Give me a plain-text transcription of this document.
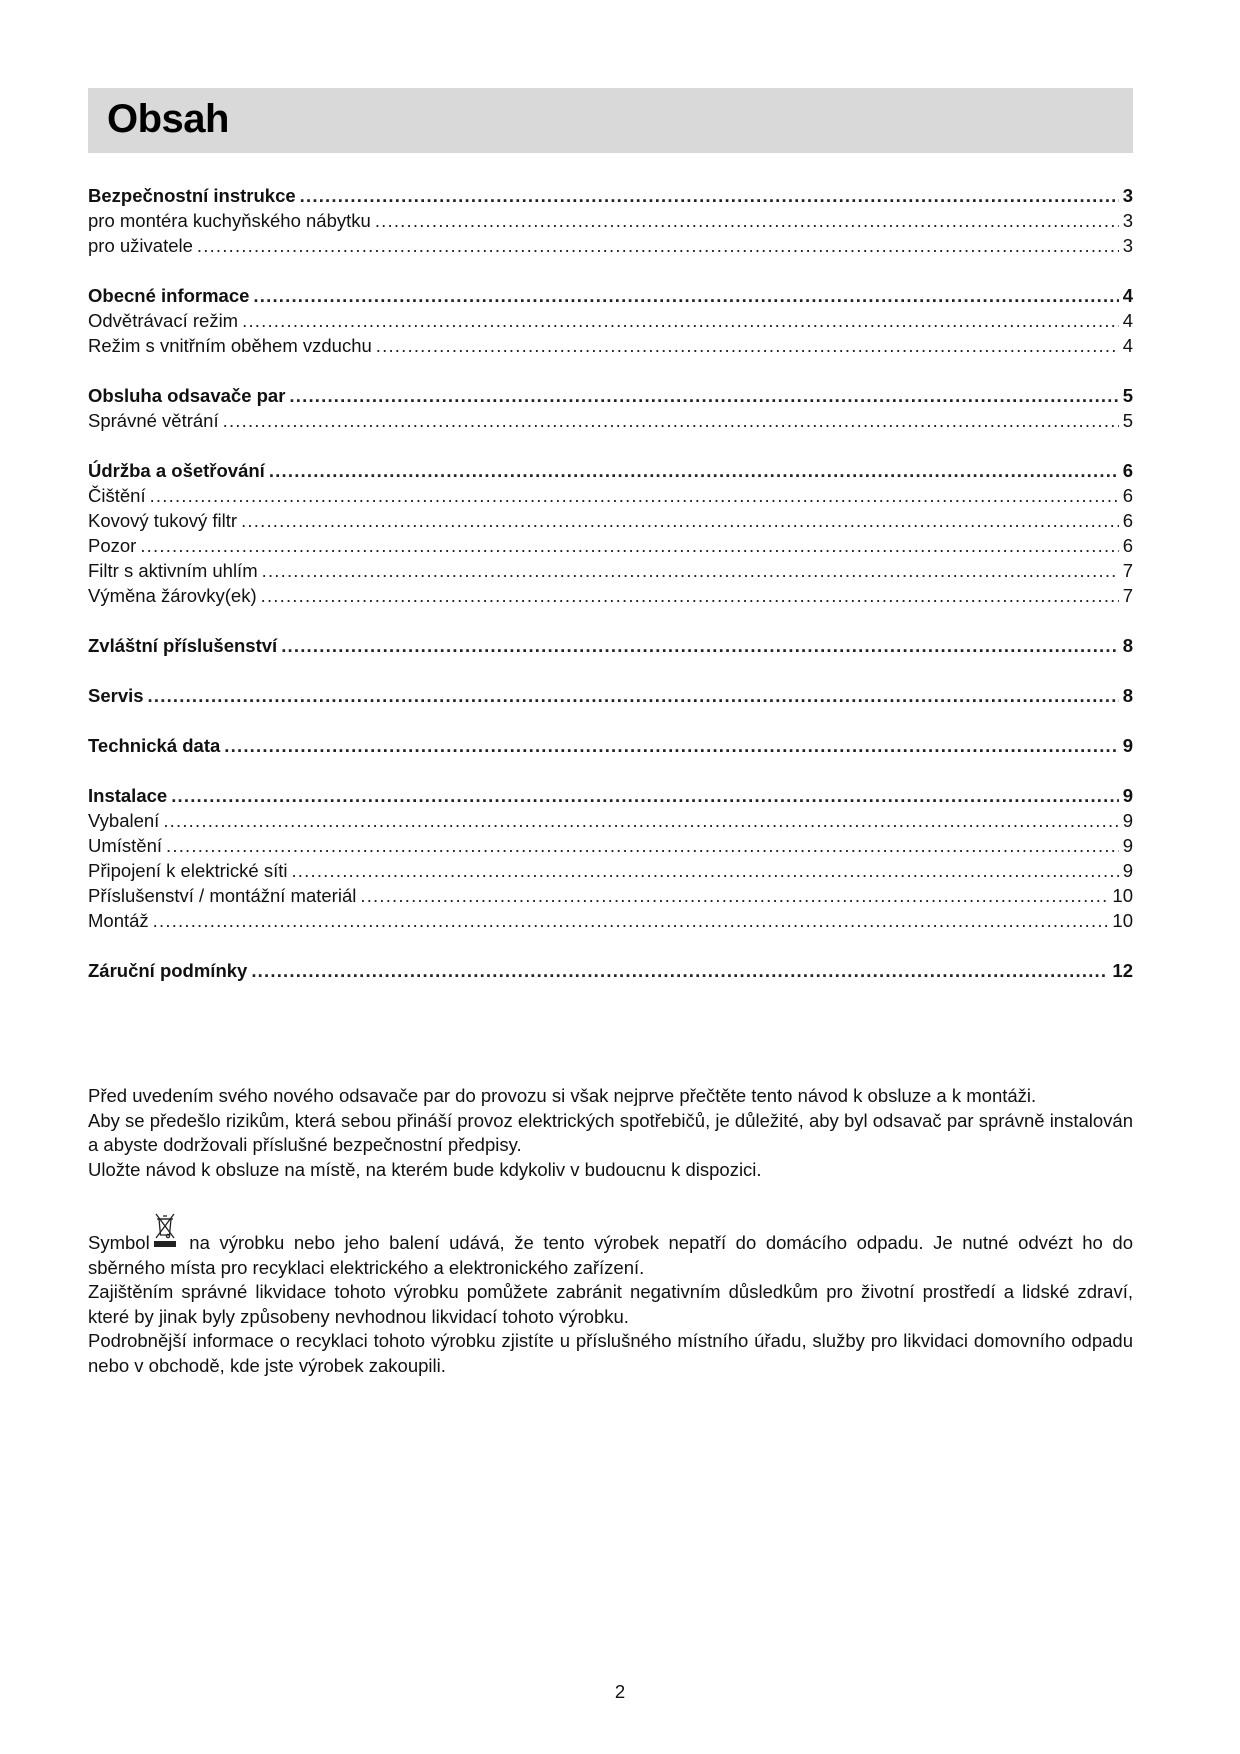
Obsah
Bezpečnostní instrukce .....	3
pro montéra kuchyňského nábytku .....	3
pro uživatele .....	3
Obecné informace .....	4
Odvětrávací režim .....	4
Režim s vnitřním oběhem vzduchu .....	4
Obsluha odsavače par .....	5
Správné větrání .....	5
Údržba a ošetřování .....	6
Čištění .....	6
Kovový tukový filtr .....	6
Pozor .....	6
Filtr s aktivním uhlím .....	7
Výměna žárovky(ek) .....	7
Zvláštní příslušenství .....	8
Servis .....	8
Technická data .....	9
Instalace .....	9
Vybalení .....	9
Umístění .....	9
Připojení k elektrické síti .....	9
Příslušenství / montážní materiál .....	10
Montáž .....	10
Záruční podmínky .....	12

Před uvedením svého nového odsavače par do provozu si však nejprve přečtěte tento návod k obsluze a k montáži.

Aby se předešlo rizikům, která sebou přináší provoz elektrických spotřebičů, je důležité, aby byl odsavač par správně instalován a abyste dodržovali příslušné bezpečnostní předpisy.

Uložte návod k obsluze na místě, na kterém bude kdykoliv v budoucnu k dispozici.

Symbol na výrobku nebo jeho balení udává, že tento výrobek nepatří do domácího odpadu. Je nutné odvézt ho do sběrného místa pro recyklaci elektrického a elektronického zařízení.

Zajištěním správné likvidace tohoto výrobku pomůžete zabránit negativním důsledkům pro životní prostředí a lidské zdraví, které by jinak byly způsobeny nevhodnou likvidací tohoto výrobku.

Podrobnější informace o recyklaci tohoto výrobku zjistíte u příslušného místního úřadu, služby pro likvidaci domovního odpadu nebo v obchodě, kde jste výrobek zakoupili.

2
